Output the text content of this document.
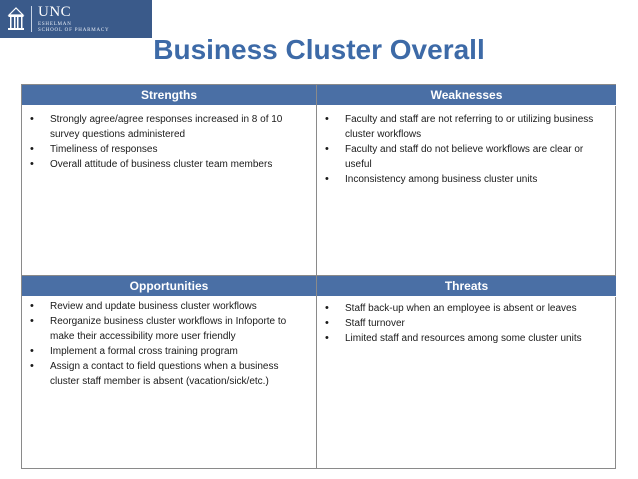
UNC
ESHELMAN
SCHOOL OF PHARMACY
Business Cluster Overall
Strengths
• Strongly agree/agree responses increased in 8 of 10 survey questions administered
• Timeliness of responses
• Overall attitude of business cluster team members
Weaknesses
• Faculty and staff are not referring to or utilizing business cluster workflows
• Faculty and staff do not believe workflows are clear or useful
• Inconsistency among business cluster units
Opportunities
• Review and update business cluster workflows
• Reorganize business cluster workflows in Infoporte to make their accessibility more user friendly
• Implement a formal cross training program
• Assign a contact to field questions when a business cluster staff member is absent (vacation/sick/etc.)
Threats
• Staff back-up when an employee is absent or leaves
• Staff turnover
• Limited staff and resources among some cluster units
